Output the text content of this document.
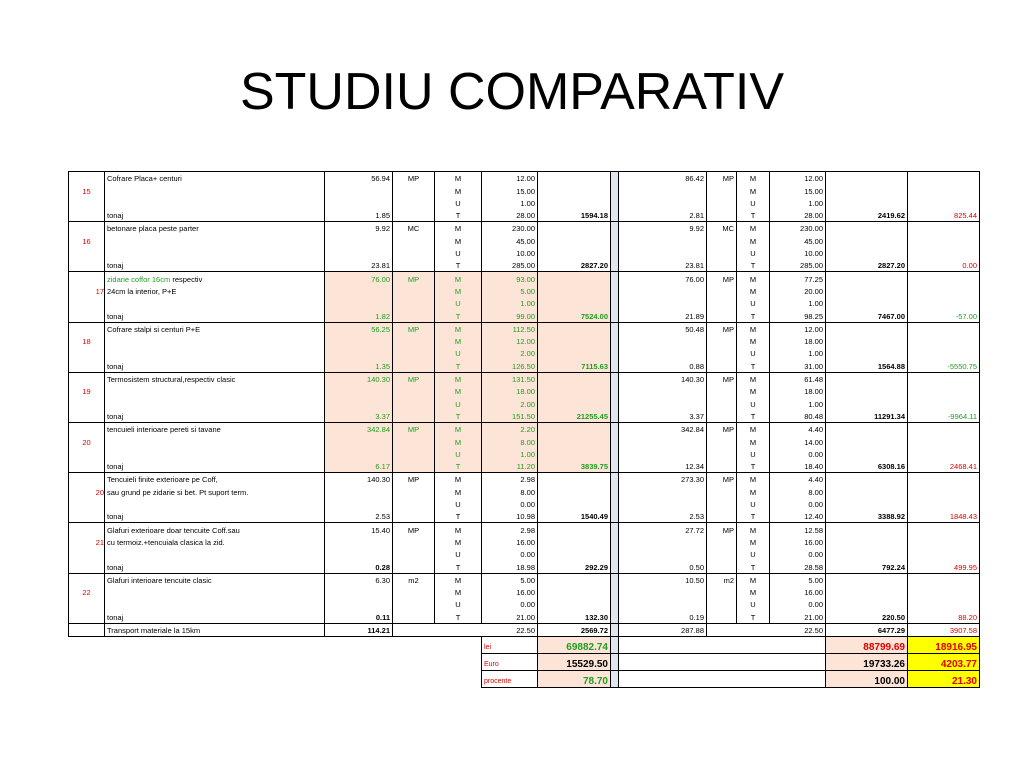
STUDIU COMPARATIV
	Cofrare Placa+ centuri	56.94	MP	M	12.00			86.42	MP	M	12.00		
15				M	15.00					M	15.00		
				U	1.00					U	1.00		
	tonaj	1.85		T	28.00	1594.18		2.81		T	28.00	2419.62	825.44
	betonare placa peste parter	9.92	MC	M	230.00			9.92	MC	M	230.00		
16				M	45.00					M	45.00		
				U	10.00					U	10.00		
	tonaj	23.81		T	285.00	2827.20		23.81		T	285.00	2827.20	0.00
	zidarie coffor 16cm respectiv	76.00	MP	M	93.00			76.00	MP	M	77.25		
17	24cm la interior, P+E			M	5.00					M	20.00		
				U	1.00					U	1.00		
	tonaj	1.82		T	99.00	7524.00		21.89		T	98.25	7467.00	-57.00
	Cofrare stalpi si centuri P+E	56.25	MP	M	112.50			50.48	MP	M	12.00		
18				M	12.00					M	18.00		
				U	2.00					U	1.00		
	tonaj	1.35		T	126.50	7115.63		0.88		T	31.00	1564.88	-5550.75
	Termosistem structural,respectiv clasic	140.30	MP	M	131.50			140.30	MP	M	61.48		
19				M	18.00					M	18.00		
				U	2.00					U	1.00		
	tonaj	3.37		T	151.50	21255.45		3.37		T	80.48	11291.34	-9964.11
	tencuieli interioare pereti si tavane	342.84	MP	M	2.20			342.84	MP	M	4.40		
20				M	8.00					M	14.00		
				U	1.00					U	0.00		
	tonaj	6.17		T	11.20	3839.75		12.34		T	18.40	6308.16	2468.41
	Tencuieli finite exterioare pe Coff,	140.30	MP	M	2.98			273.30	MP	M	4.40		
20	sau grund pe zidarie si bet. Pt suport term.			M	8.00					M	8.00		
				U	0.00					U	0.00		
	tonaj	2.53		T	10.98	1540.49		2.53		T	12.40	3388.92	1848.43
	Glafuri exterioare doar tencuite Coff.sau	15.40	MP	M	2.98			27.72	MP	M	12.58		
21	cu termoiz.+tencuiala clasica la zid.			M	16.00					M	16.00		
				U	0.00					U	0.00		
	tonaj	0.28		T	18.98	292.29		0.50		T	28.58	792.24	499.95
	Glafuri interioare tencuite clasic	6.30	m2	M	5.00			10.50	m2	M	5.00		
22				M	16.00					M	16.00		
				U	0.00					U	0.00		
	tonaj	0.11		T	21.00	132.30		0.19		T	21.00	220.50	88.20
	Transport materiale la 15km	114.21			22.50	2569.72		287.88			22.50	6477.29	3907.58
					lei	69882.74						88799.69	18916.95
					Euro	15529.50						19733.26	4203.77
					procente	78.70						100.00	21.30
